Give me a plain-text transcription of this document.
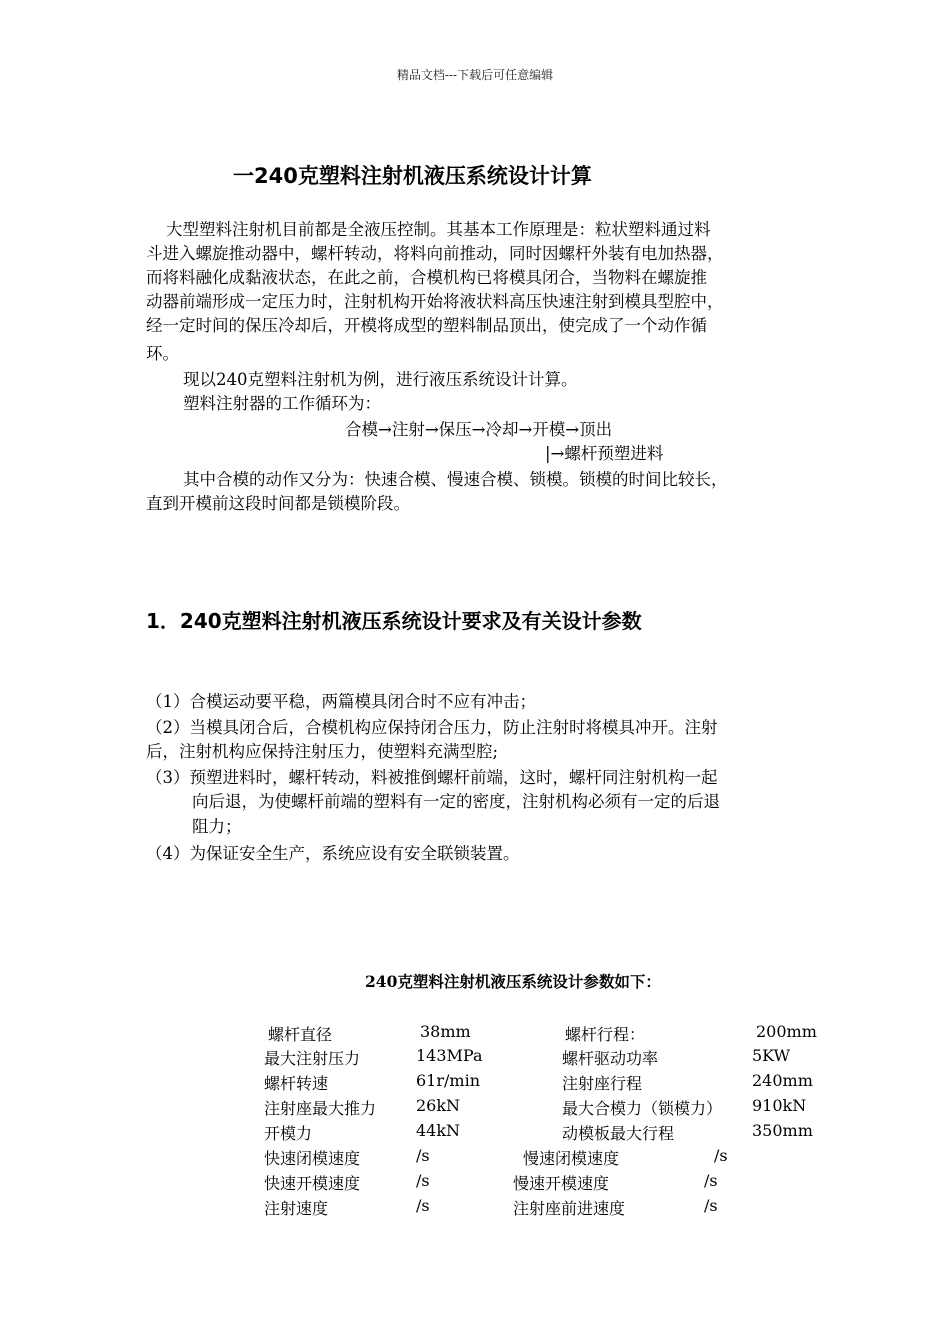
精品文档---下载后可任意编辑
一240克塑料注射机液压系统设计计算
大型塑料注射机目前都是全液压控制。其基本工作原理是：粒状塑料通过料
斗进入螺旋推动器中，螺杆转动，将料向前推动，同时因螺杆外装有电加热器，
而将料融化成黏液状态，在此之前，合模机构已将模具闭合，当物料在螺旋推
动器前端形成一定压力时，注射机构开始将液状料高压快速注射到模具型腔中，
经一定时间的保压冷却后，开模将成型的塑料制品顶出，使完成了一个动作循
环。
现以240克塑料注射机为例，进行液压系统设计计算。
塑料注射器的工作循环为：
合模→注射→保压→冷却→开模→顶出
|→螺杆预塑进料
其中合模的动作又分为：快速合模、慢速合模、锁模。锁模的时间比较长，
直到开模前这段时间都是锁模阶段。
1．240克塑料注射机液压系统设计要求及有关设计参数
（1）合模运动要平稳，两篇模具闭合时不应有冲击；
（2）当模具闭合后，合模机构应保持闭合压力，防止注射时将模具冲开。注射
后，注射机构应保持注射压力，使塑料充满型腔;
（3）预塑进料时，螺杆转动，料被推倒螺杆前端，这时，螺杆同注射机构一起
向后退，为使螺杆前端的塑料有一定的密度，注射机构必须有一定的后退
阻力；
（4）为保证安全生产，系统应设有安全联锁装置。
240克塑料注射机液压系统设计参数如下：
螺杆直径	38mm	螺杆行程：	200mm
最大注射压力	143MPa	螺杆驱动功率	5KW
螺杆转速	61r/min	注射座行程	240mm
注射座最大推力 26kN	最大合模力（锁模力） 910kN
开模力	44kN	动模板最大行程	350mm
快速闭模速度	/s	慢速闭模速度	/s
快速开模速度	/s	慢速开模速度	/s
注射速度	/s	注射座前进速度	/s
